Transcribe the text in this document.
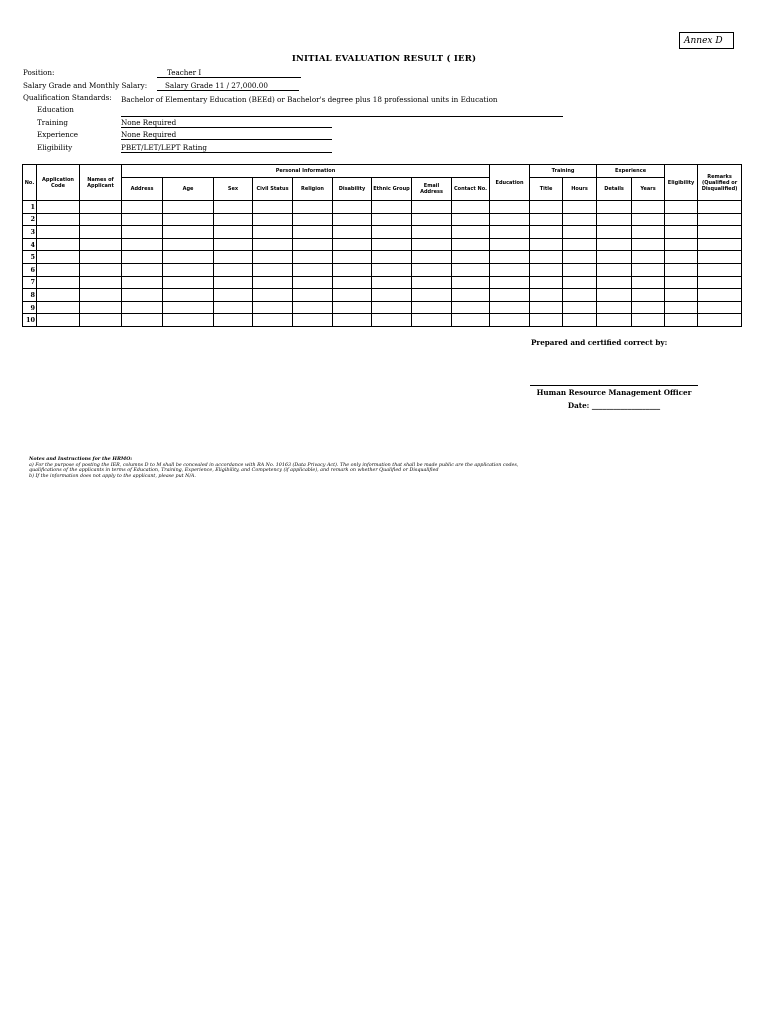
Annex D
INITIAL EVALUATION RESULT ( IER)
Position:	Teacher I
Salary Grade and Monthly Salary:	Salary Grade 11 / 27,000.00
Qualification Standards:
Education
Bachelor of Elementary Education (BEEd) or Bachelor's degree plus 18 professional units in Education
Training	None Required
Experience	None Required
Eligibility	PBET/LET/LEPT Rating
No.	Application Code	Names of Applicant	Personal Information									Education	Training		Experience		Eligibility	Remarks (Qualified or Disqualified)
			Address	Age	Sex	Civil Status	Religion	Disability	Ethnic Group	Email Address	Contact No.		Title	Hours	Details	Years		
1																		
2																		
3																		
4																		
5																		
6																		
7																		
8																		
9																		
10																		
Prepared and certified correct by:
Human Resource Management Officer
Date: ___________________
Notes and Instructions for the HRMO:
a) For the purpose of posting the IER, columns D to M shall be concealed in accordance with RA No. 10163 (Data Privacy Act). The only information that shall be made public are the application codes, qualifications of the applicants in terms of Education, Training, Experience, Eligibility, and Competency (if applicable), and remark on whether Qualified or Disqualified
b) If the information does not apply to the applicant, please put N/A.
